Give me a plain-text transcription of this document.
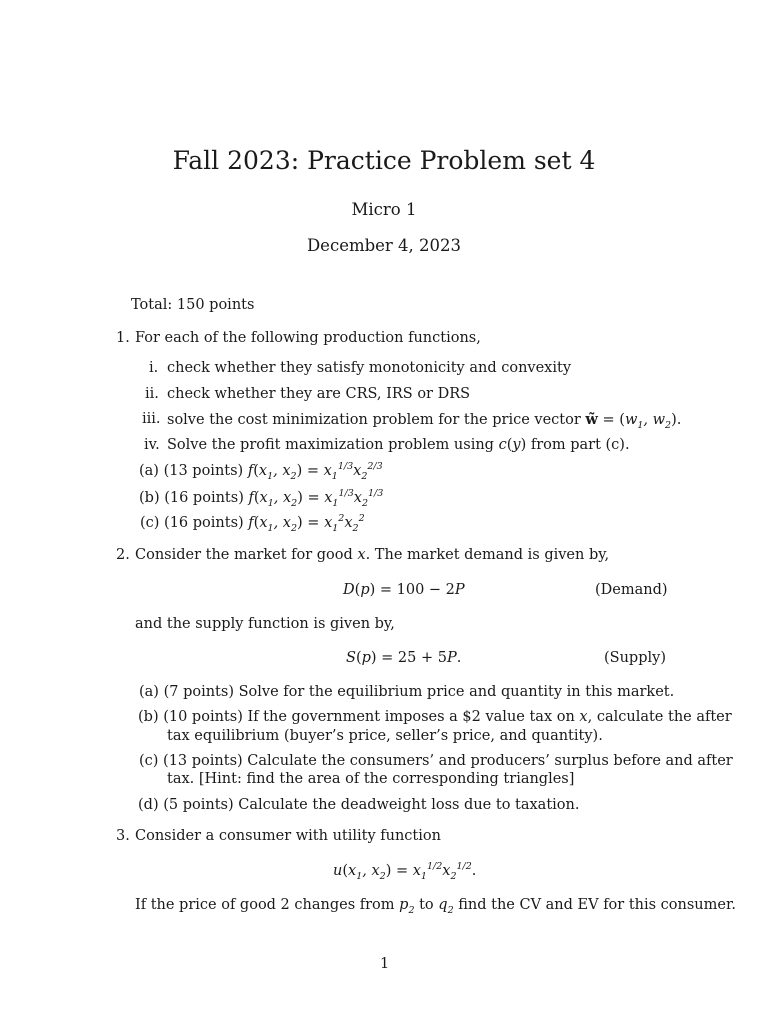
Fall 2023: Practice Problem set 4
Micro 1
December 4, 2023
Total: 150 points
1. For each of the following production functions,
i. check whether they satisfy monotonicity and convexity
ii. check whether they are CRS, IRS or DRS
iii. solve the cost minimization problem for the price vector w̃ = ($w_1$, $w_2$).
iv. Solve the profit maximization problem using c(y) from part (c).
(a) (13 points) $f(x_1$, $x_2) = x_1^{1/3}x_2^{2/3}$
(b) (16 points) $f(x_1$, $x_2) = x_1^{1/3}x_2^{1/3}$
(c) (16 points) $f(x_1$, $x_2) = x_1^2x_2^2$
2. Consider the market for good x. The market demand is given by,
D(p) = 100 − 2P	(Demand)
and the supply function is given by,
S(p) = 25 + 5P.	(Supply)
(a) (7 points) Solve for the equilibrium price and quantity in this market.
(b) (10 points) If the government imposes a $2 value tax on x, calculate the after
tax equilibrium (buyer’s price, seller’s price, and quantity).
(c) (13 points) Calculate the consumers’ and producers’ surplus before and after
tax. [Hint: find the area of the corresponding triangles]
(d) (5 points) Calculate the deadweight loss due to taxation.
3. Consider a consumer with utility function
$u(x_1$, $x_2) = x_1^{1/2}x_2^{1/2}$.
If the price of good 2 changes from $p_2$ to $q_2$ find the CV and EV for this consumer.
1
